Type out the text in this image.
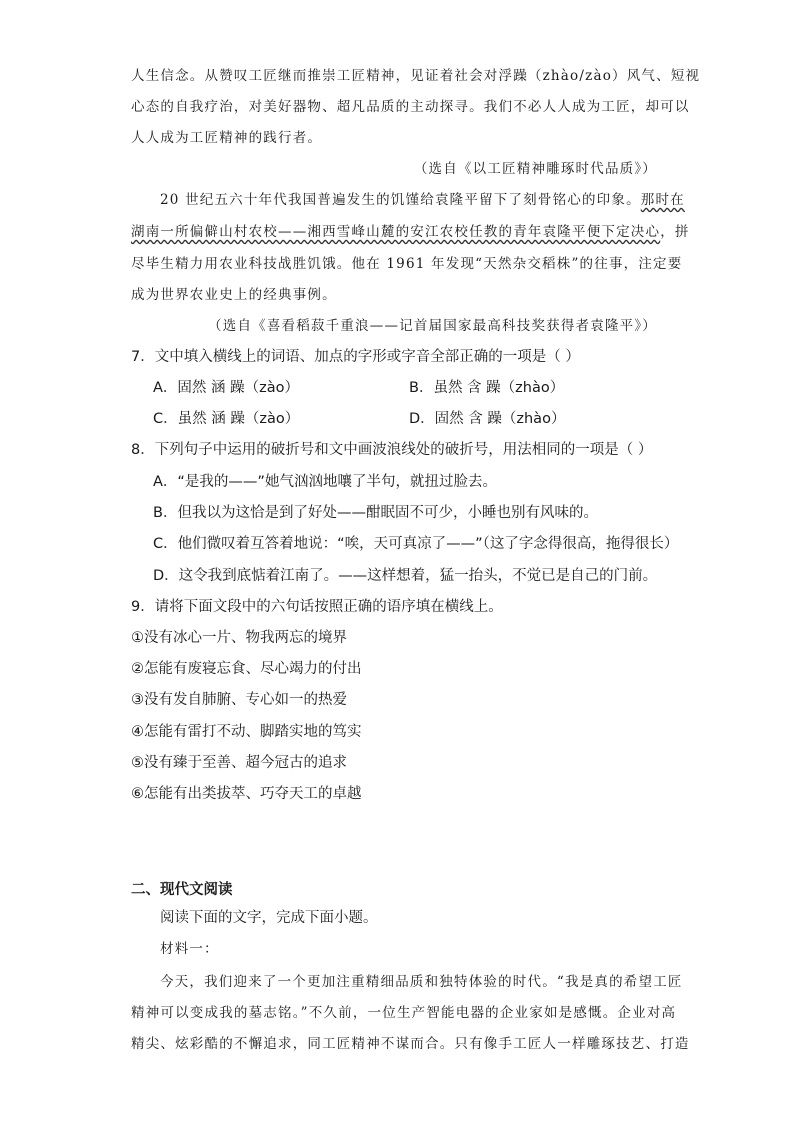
人生信念。从赞叹工匠继而推崇工匠精神，见证着社会对浮躁（zhào/zào）风气、短视
心态的自我疗治，对美好器物、超凡品质的主动探寻。我们不必人人成为工匠，却可以
人人成为工匠精神的践行者。
（选自《以工匠精神雕琢时代品质》）
20 世纪五六十年代我国普遍发生的饥馑给袁隆平留下了刻骨铭心的印象。那时在
湖南一所偏僻山村农校——湘西雪峰山麓的安江农校任教的青年袁隆平便下定决心，拼
尽毕生精力用农业科技战胜饥饿。他在 1961 年发现“天然杂交稻株”的往事，注定要
成为世界农业史上的经典事例。
（选自《喜看稻菽千重浪——记首届国家最高科技奖获得者袁隆平》）
7．文中填入横线上的词语、加点的字形或字音全部正确的一项是（ ）
A．固然 涵 躁（zào）	B．虽然 含 躁（zhào）
C．虽然 涵 躁（zào）	D．固然 含 躁（zhào）
8．下列句子中运用的破折号和文中画波浪线处的破折号，用法相同的一项是（ ）
A．“是我的——”她气汹汹地嚷了半句，就扭过脸去。
B．但我以为这恰是到了好处——酣眠固不可少，小睡也别有风味的。
C．他们微叹着互答着地说：“唉，天可真凉了——”（这了字念得很高，拖得很长）
D．这令我到底惦着江南了。——这样想着，猛一抬头，不觉已是自己的门前。
9．请将下面文段中的六句话按照正确的语序填在横线上。
①没有冰心一片、物我两忘的境界
②怎能有废寝忘食、尽心竭力的付出
③没有发自肺腑、专心如一的热爱
④怎能有雷打不动、脚踏实地的笃实
⑤没有臻于至善、超今冠古的追求
⑥怎能有出类拔萃、巧夺天工的卓越
二、现代文阅读
阅读下面的文字，完成下面小题。
材料一：
今天，我们迎来了一个更加注重精细品质和独特体验的时代。“我是真的希望工匠
精神可以变成我的墓志铭。”不久前，一位生产智能电器的企业家如是感慨。企业对高
精尖、炫彩酷的不懈追求，同工匠精神不谋而合。只有像手工匠人一样雕琢技艺、打造
